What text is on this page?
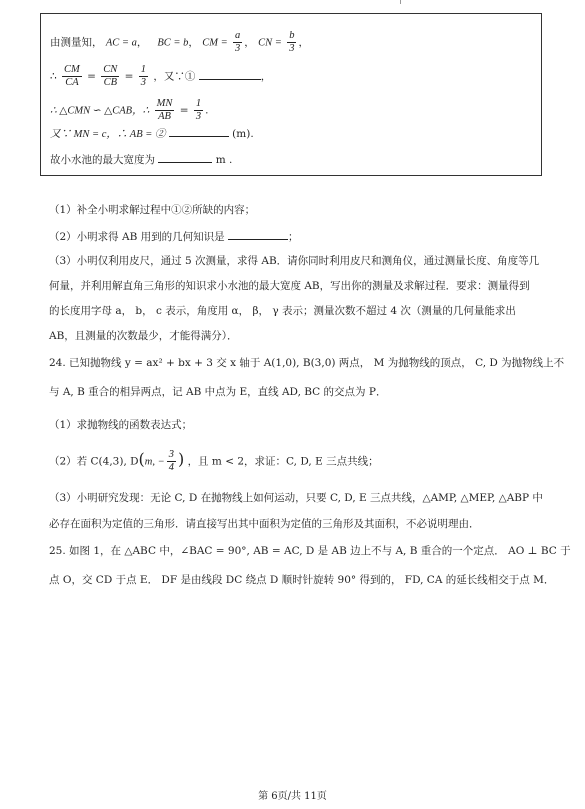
由测量知， AC = a，   BC = b， CM = $\frac{a}{3}$ ， CN = $\frac{b}{3}$ ，
∴ $\frac{CM}{CA} = \frac{CN}{CB} = \frac{1}{3}$ ，又∵①	，
∴ △CMN ∽ △CAB，∴ $\frac{MN}{AB} = \frac{1}{3}$ .
又∵ MN = c，∴ AB = ②	(m).
故小水池的最大宽度为	m .
（1）补全小明求解过程中①②所缺的内容；
（2）小明求得 AB 用到的几何知识是	；
（3）小明仅利用皮尺，通过 5 次测量，求得 AB．请你同时利用皮尺和测角仪，通过测量长度、角度等几
何量，并利用解直角三角形的知识求小水池的最大宽度 AB，写出你的测量及求解过程．要求：测量得到
的长度用字母 a， b， c 表示，角度用 α， β， γ 表示；测量次数不超过 4 次（测量的几何量能求出
AB，且测量的次数最少，才能得满分）．
24. 已知抛物线 y = ax² + bx + 3 交 x 轴于 A(1,0), B(3,0) 两点， M 为抛物线的顶点， C, D 为抛物线上不
与 A, B 重合的相异两点，记 AB 中点为 E，直线 AD, BC 的交点为 P．
（1）求抛物线的函数表达式；
（2）若 C(4,3), D(m, − $\frac{3}{4}$ ) ，且 m < 2，求证：C, D, E 三点共线；
（3）小明研究发现：无论 C, D 在抛物线上如何运动，只要 C, D, E 三点共线，△AMP, △MEP, △ABP 中
必存在面积为定值的三角形．请直接写出其中面积为定值的三角形及其面积，不必说明理由．
25. 如图 1，在 △ABC 中，∠BAC = 90°, AB = AC, D 是 AB 边上不与 A, B 重合的一个定点． AO ⊥ BC 于
点 O，交 CD 于点 E． DF 是由线段 DC 绕点 D 顺时针旋转 90° 得到的， FD, CA 的延长线相交于点 M．
第 6页/共 11页
